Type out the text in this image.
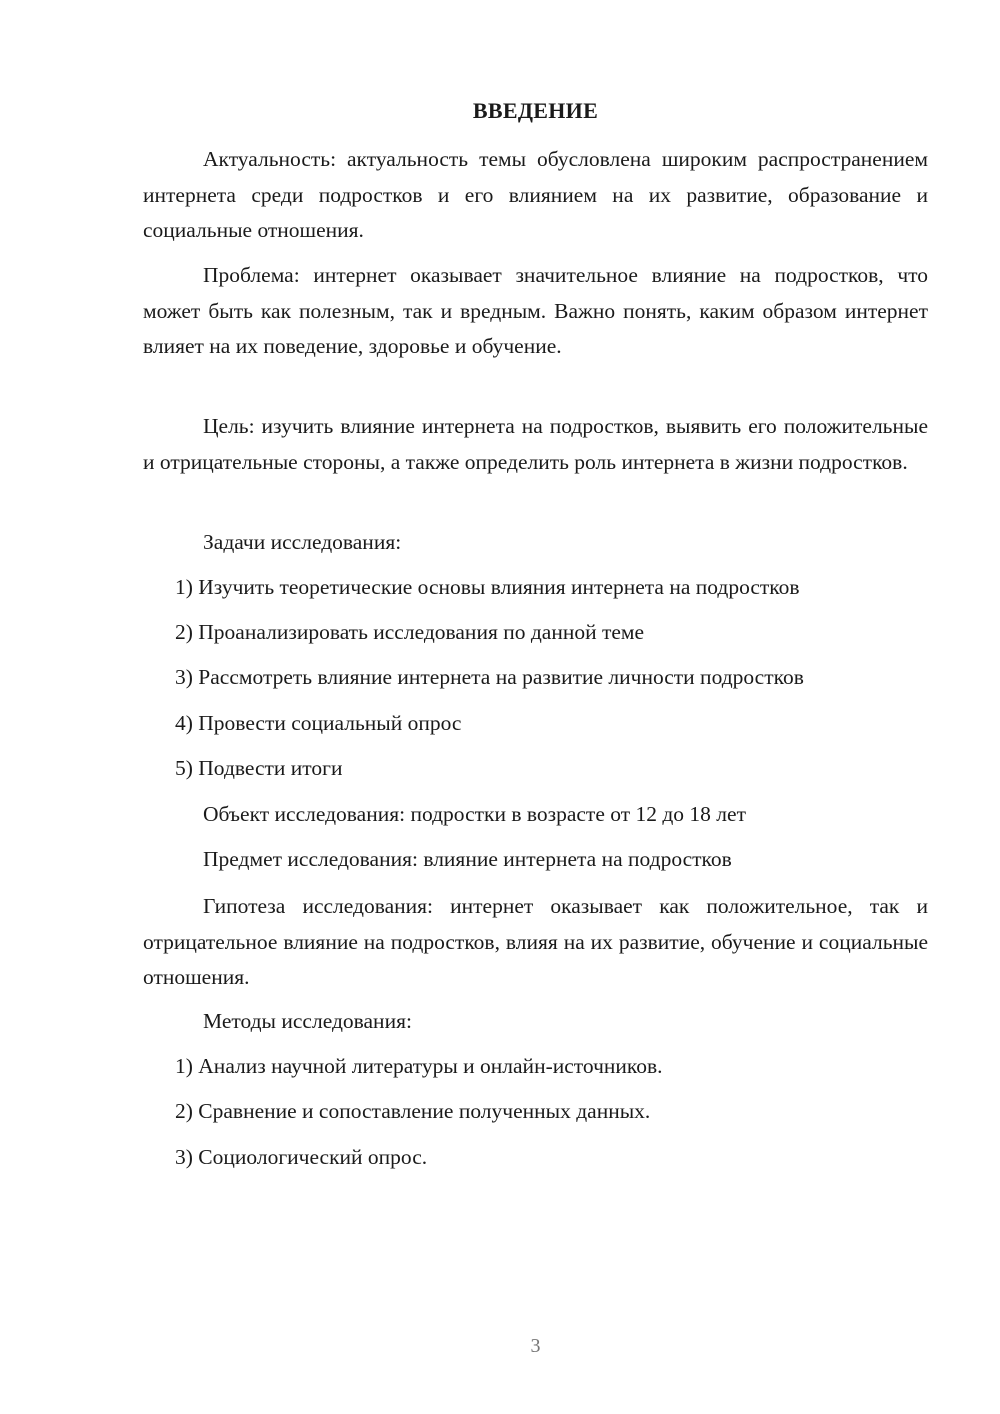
ВВЕДЕНИЕ

Актуальность: актуальность темы обусловлена широким распространением интернета среди подростков и его влиянием на их развитие, образование и социальные отношения.

Проблема: интернет оказывает значительное влияние на подростков, что может быть как полезным, так и вредным. Важно понять, каким образом интернет влияет на их поведение, здоровье и обучение.

Цель: изучить влияние интернета на подростков, выявить его положительные и отрицательные стороны, а также определить роль интернета в жизни подростков.

Задачи исследования:

1) Изучить теоретические основы влияния интернета на подростков

2) Проанализировать исследования по данной теме

3) Рассмотреть влияние интернета на развитие личности подростков

4) Провести социальный опрос

5) Подвести итоги

Объект исследования: подростки в возрасте от 12 до 18 лет

Предмет исследования: влияние интернета на подростков

Гипотеза исследования: интернет оказывает как положительное, так и отрицательное влияние на подростков, влияя на их развитие, обучение и социальные отношения.

Методы исследования:

1) Анализ научной литературы и онлайн-источников.

2) Сравнение и сопоставление полученных данных.

3) Социологический опрос.

3
